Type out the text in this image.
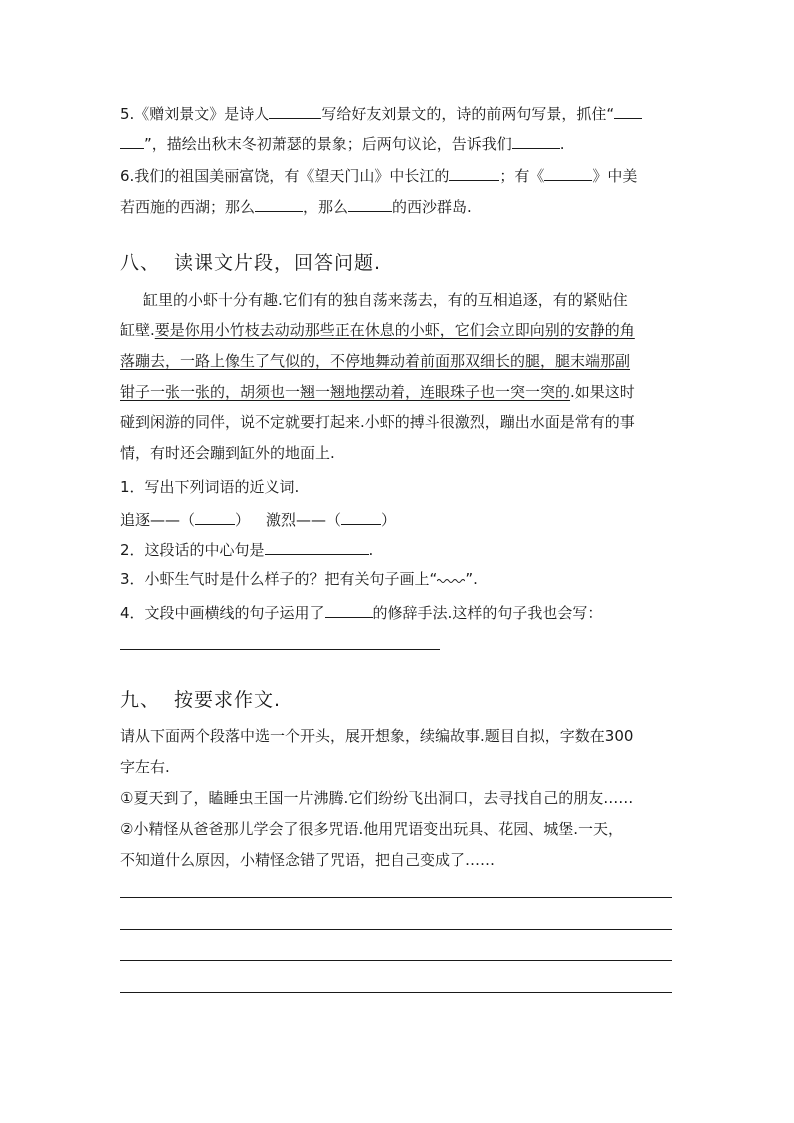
5.《赠刘景文》是诗人	写给好友刘景文的，诗的前两句写景，抓住“
”，描绘出秋末冬初萧瑟的景象；后两句议论，告诉我们	.
6.我们的祖国美丽富饶，有《望天门山》中长江的	；有《	》中美
若西施的西湖；那么	，那么	的西沙群岛.
八、 读课文片段，回答问题.
缸里的小虾十分有趣.它们有的独自荡来荡去，有的互相追逐，有的紧贴住
缸壁.要是你用小竹枝去动动那些正在休息的小虾，它们会立即向别的安静的角
落蹦去，一路上像生了气似的，不停地舞动着前面那双细长的腿，腿末端那副
钳子一张一张的，胡须也一翘一翘地摆动着，连眼珠子也一突一突的.如果这时
碰到闲游的同伴，说不定就要打起来.小虾的搏斗很激烈，蹦出水面是常有的事
情，有时还会蹦到缸外的地面上.
1．写出下列词语的近义词.
追逐——（	） 激烈——（	）
2．这段话的中心句是	.
3．小虾生气时是什么样子的？把有关句子画上“ ”.
4．文段中画横线的句子运用了	的修辞手法.这样的句子我也会写：
九、 按要求作文.
请从下面两个段落中选一个开头，展开想象，续编故事.题目自拟，字数在300
字左右.
①夏天到了，瞌睡虫王国一片沸腾.它们纷纷飞出洞口，去寻找自己的朋友……
②小精怪从爸爸那儿学会了很多咒语.他用咒语变出玩具、花园、城堡.一天，
不知道什么原因，小精怪念错了咒语，把自己变成了……
